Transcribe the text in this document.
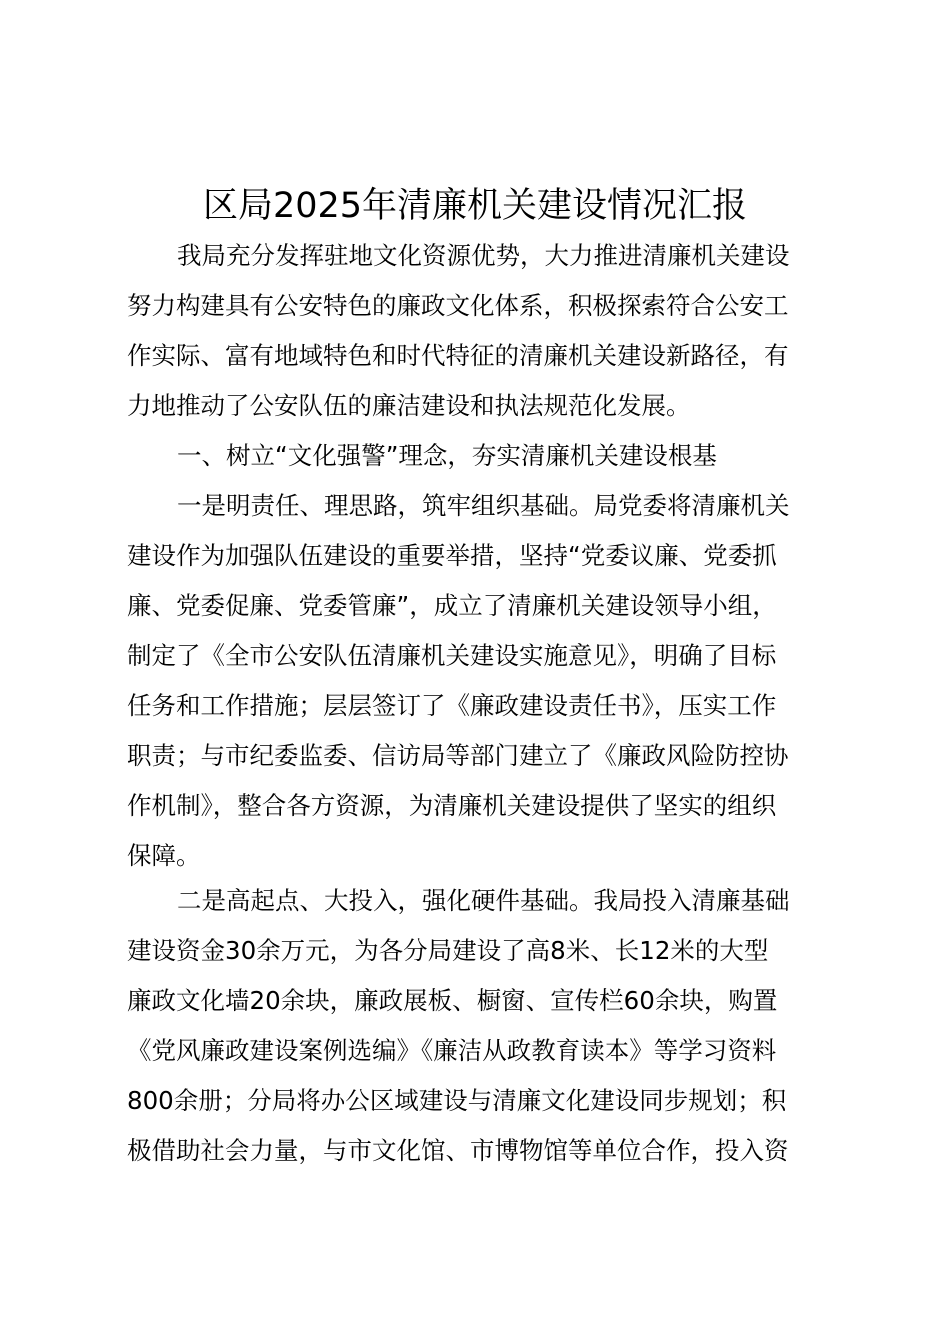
区局2025年清廉机关建设情况汇报
我局充分发挥驻地文化资源优势，大力推进清廉机关建设
努力构建具有公安特色的廉政文化体系，积极探索符合公安工
作实际、富有地域特色和时代特征的清廉机关建设新路径，有
力地推动了公安队伍的廉洁建设和执法规范化发展。
一、树立“文化强警”理念，夯实清廉机关建设根基
一是明责任、理思路，筑牢组织基础。局党委将清廉机关
建设作为加强队伍建设的重要举措，坚持“党委议廉、党委抓
廉、党委促廉、党委管廉”，成立了清廉机关建设领导小组，
制定了《全市公安队伍清廉机关建设实施意见》，明确了目标
任务和工作措施；层层签订了《廉政建设责任书》，压实工作
职责；与市纪委监委、信访局等部门建立了《廉政风险防控协
作机制》，整合各方资源，为清廉机关建设提供了坚实的组织
保障。
二是高起点、大投入，强化硬件基础。我局投入清廉基础
建设资金30余万元，为各分局建设了高8米、长12米的大型
廉政文化墙20余块，廉政展板、橱窗、宣传栏60余块，购置
《党风廉政建设案例选编》《廉洁从政教育读本》等学习资料
800余册；分局将办公区域建设与清廉文化建设同步规划；积
极借助社会力量，与市文化馆、市博物馆等单位合作，投入资
